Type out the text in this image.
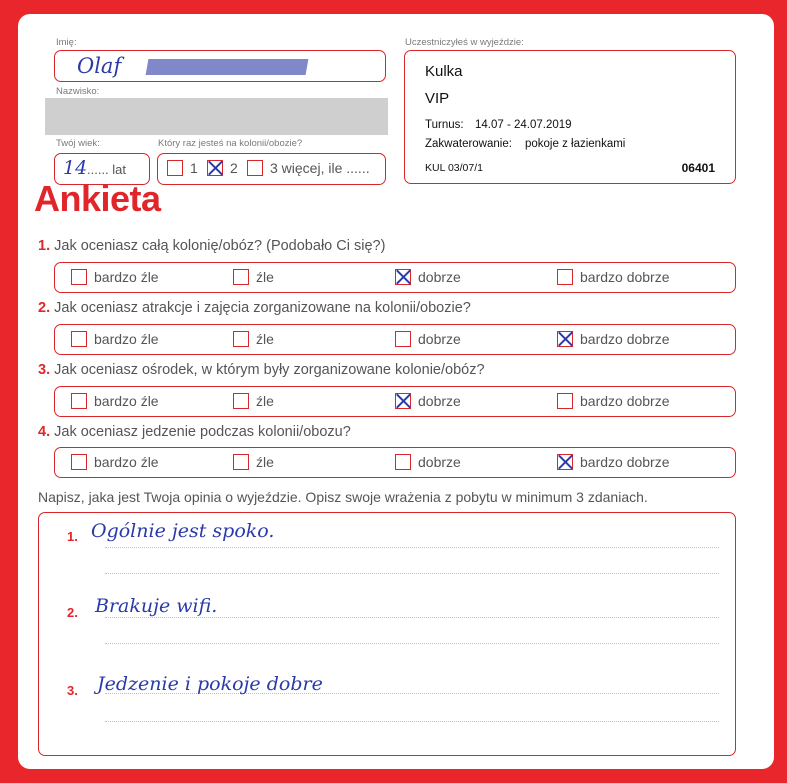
Imię:
Olaf
Nazwisko:
Twój wiek:
14 ...... lat
Który raz jesteś na kolonii/obozie?
1 2 3 więcej, ile ......
Uczestniczyłeś w wyjeździe:
Kulka
VIP
Turnus: 14.07 - 24.07.2019
Zakwaterowanie: pokoje z łazienkami
KUL 03/07/1	06401
Ankieta
1. Jak oceniasz całą kolonię/obóz? (Podobało Ci się?)
bardzo źle	źle	dobrze	bardzo dobrze
2. Jak oceniasz atrakcje i zajęcia zorganizowane na kolonii/obozie?
bardzo źle	źle	dobrze	bardzo dobrze
3. Jak oceniasz ośrodek, w którym były zorganizowane kolonie/obóz?
bardzo źle	źle	dobrze	bardzo dobrze
4. Jak oceniasz jedzenie podczas kolonii/obozu?
bardzo źle	źle	dobrze	bardzo dobrze
Napisz, jaka jest Twoja opinia o wyjeździe. Opisz swoje wrażenia z pobytu w minimum 3 zdaniach.
1. Ogólnie jest spoko.
2. Brakuje wifi.
3. Jedzenie i pokoje dobre
